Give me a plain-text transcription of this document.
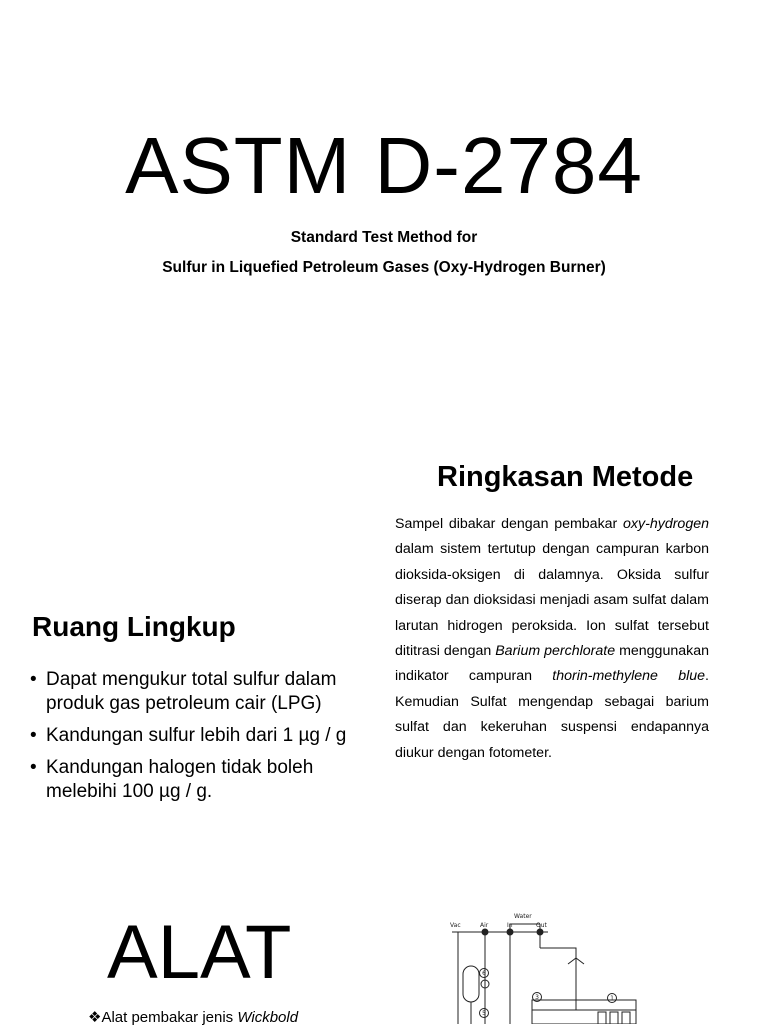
ASTM D-2784
Standard Test Method for
Sulfur in Liquefied Petroleum Gases (Oxy-Hydrogen Burner)
Ringkasan Metode
Sampel dibakar dengan pembakar oxy-hydrogen dalam sistem tertutup dengan campuran karbon dioksida-oksigen di dalamnya. Oksida sulfur diserap dan dioksidasi menjadi asam sulfat dalam larutan hidrogen peroksida. Ion sulfat tersebut dititrasi dengan Barium perchlorate menggunakan indikator campuran thorin-methylene blue. Kemudian Sulfat mengendap sebagai barium sulfat dan kekeruhan suspensi endapannya diukur dengan fotometer.
Ruang Lingkup
• Dapat mengukur total sulfur dalam produk gas petroleum cair (LPG)
• Kandungan sulfur lebih dari 1 µg / g
• Kandungan halogen tidak boleh melebihi 100 µg / g.
ALAT
❖Alat pembakar jenis Wickbold
Vac	Air	In	Out
Water
6
5
3	1
